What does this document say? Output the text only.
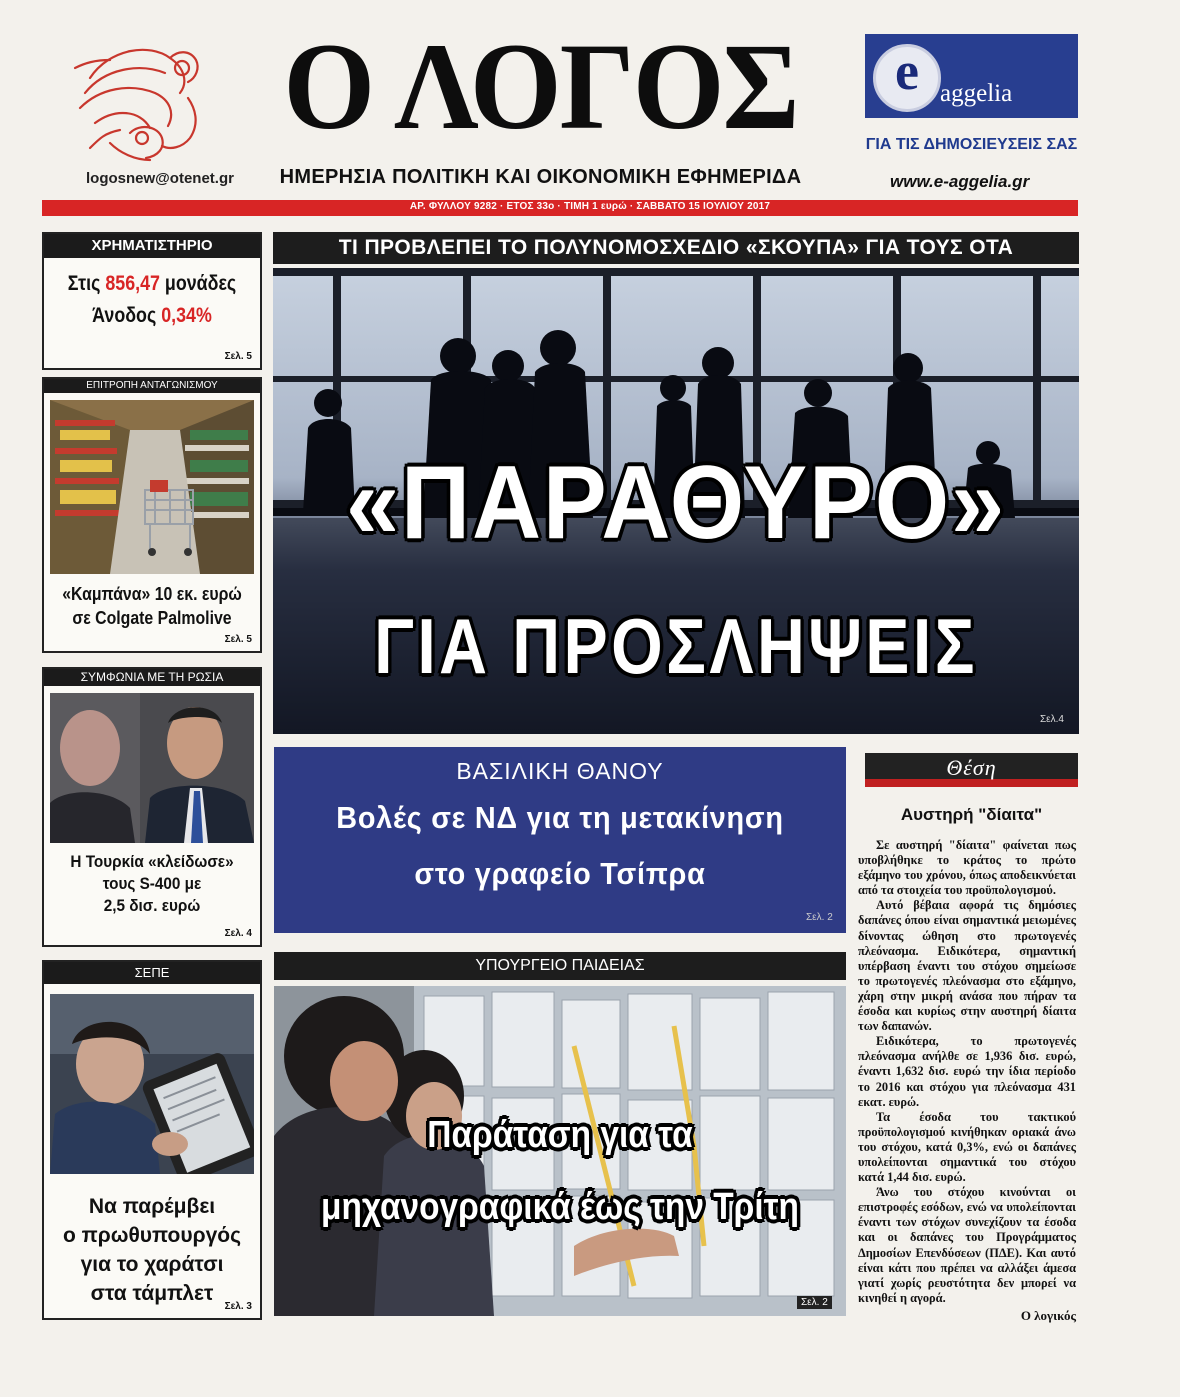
logosnew@otenet.gr
Ο ΛΟΓΟΣ
ΗΜΕΡΗΣΙΑ ΠΟΛΙΤΙΚΗ ΚΑΙ ΟΙΚΟΝΟΜΙΚΗ ΕΦΗΜΕΡΙΔΑ
e aggelia
ΓΙΑ ΤΙΣ ΔΗΜΟΣΙΕΥΣΕΙΣ ΣΑΣ
www.e-aggelia.gr
ΑΡ. ΦΥΛΛΟΥ 9282 · ΕΤΟΣ 33ο · ΤΙΜΗ 1 ευρώ · ΣΑΒΒΑΤΟ 15 ΙΟΥΛΙΟΥ 2017
ΧΡΗΜΑΤΙΣΤΗΡΙΟ
Στις 856,47 μονάδες
Άνοδος 0,34%
Σελ. 5
ΕΠΙΤΡΟΠΗ ΑΝΤΑΓΩΝΙΣΜΟΥ
«Καμπάνα» 10 εκ. ευρώ
σε Colgate Palmolive
Σελ. 5
ΣΥΜΦΩΝΙΑ ΜΕ ΤΗ ΡΩΣΙΑ
Η Τουρκία «κλείδωσε»
τους S-400 με
2,5 δισ. ευρώ
Σελ. 4
ΣΕΠΕ
Να παρέμβει
ο πρωθυπουργός
για το χαράτσι
στα τάμπλετ
Σελ. 3
ΤΙ ΠΡΟΒΛΕΠΕΙ ΤΟ ΠΟΛΥΝΟΜΟΣΧΕΔΙΟ «ΣΚΟΥΠΑ» ΓΙΑ ΤΟΥΣ ΟΤΑ
«ΠΑΡΑΘΥΡΟ»
ΓΙΑ ΠΡΟΣΛΗΨΕΙΣ
Σελ.4
ΒΑΣΙΛΙΚΗ ΘΑΝΟΥ
Βολές σε ΝΔ για τη μετακίνηση
στο γραφείο Τσίπρα
Σελ. 2
ΥΠΟΥΡΓΕΙΟ ΠΑΙΔΕΙΑΣ
Παράταση για τα
μηχανογραφικά έως την Τρίτη
Σελ. 2
Θέση
Αυστηρή "δίαιτα"

Σε αυστηρή "δίαιτα" φαίνεται πως υποβλήθηκε το κράτος το πρώτο εξάμηνο του χρόνου, όπως αποδεικνύεται από τα στοιχεία του προϋπολογισμού.

Αυτό βέβαια αφορά τις δημόσιες δαπάνες όπου είναι σημαντικά μειωμένες δίνοντας ώθηση στο πρωτογενές πλεόνασμα. Ειδικότερα, σημαντική υπέρβαση έναντι του στόχου σημείωσε το πρωτογενές πλεόνασμα στο εξάμηνο, χάρη στην μικρή ανάσα που πήραν τα έσοδα και κυρίως στην αυστηρή δίαιτα των δαπανών.

Ειδικότερα, το πρωτογενές πλεόνασμα ανήλθε σε 1,936 δισ. ευρώ, έναντι 1,632 δισ. ευρώ την ίδια περίοδο το 2016 και στόχου για πλεόνασμα 431 εκατ. ευρώ.

Τα έσοδα του τακτικού προϋπολογισμού κινήθηκαν οριακά άνω του στόχου, κατά 0,3%, ενώ οι δαπάνες υπολείπονται σημαντικά του στόχου κατά 1,44 δισ. ευρώ.

Άνω του στόχου κινούνται οι επιστροφές εσόδων, ενώ να υπολείπονται έναντι των στόχων συνεχίζουν τα έσοδα και οι δαπάνες του Προγράμματος Δημοσίων Επενδύσεων (ΠΔΕ). Και αυτό είναι κάτι που πρέπει να αλλάξει άμεσα γιατί χωρίς ρευστότητα δεν μπορεί να κινηθεί η αγορά.

Ο λογικός
